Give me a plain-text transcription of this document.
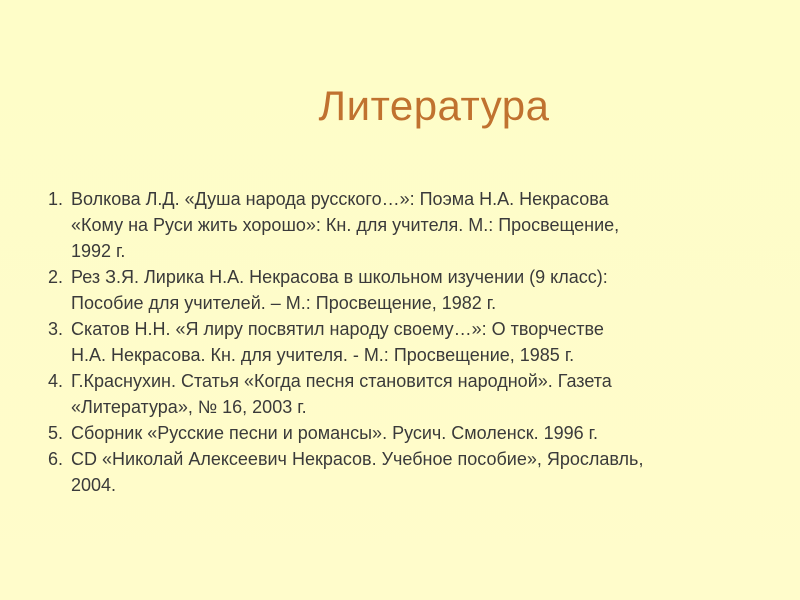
Литература
1. Волкова Л.Д. «Душа народа русского…»: Поэма Н.А. Некрасова
«Кому на Руси жить хорошо»: Кн. для учителя. М.: Просвещение,
1992 г.
2. Рез З.Я. Лирика Н.А. Некрасова в школьном изучении (9 класс):
Пособие для учителей. – М.: Просвещение, 1982 г.
3. Скатов Н.Н. «Я лиру посвятил народу своему…»: О творчестве
Н.А. Некрасова. Кн. для учителя. - М.: Просвещение, 1985 г.
4. Г.Краснухин. Статья «Когда песня становится народной». Газета
«Литература», № 16, 2003 г.
5. Сборник «Русские песни и романсы». Русич. Смоленск. 1996 г.
6. CD «Николай Алексеевич Некрасов. Учебное пособие», Ярославль,
2004.
